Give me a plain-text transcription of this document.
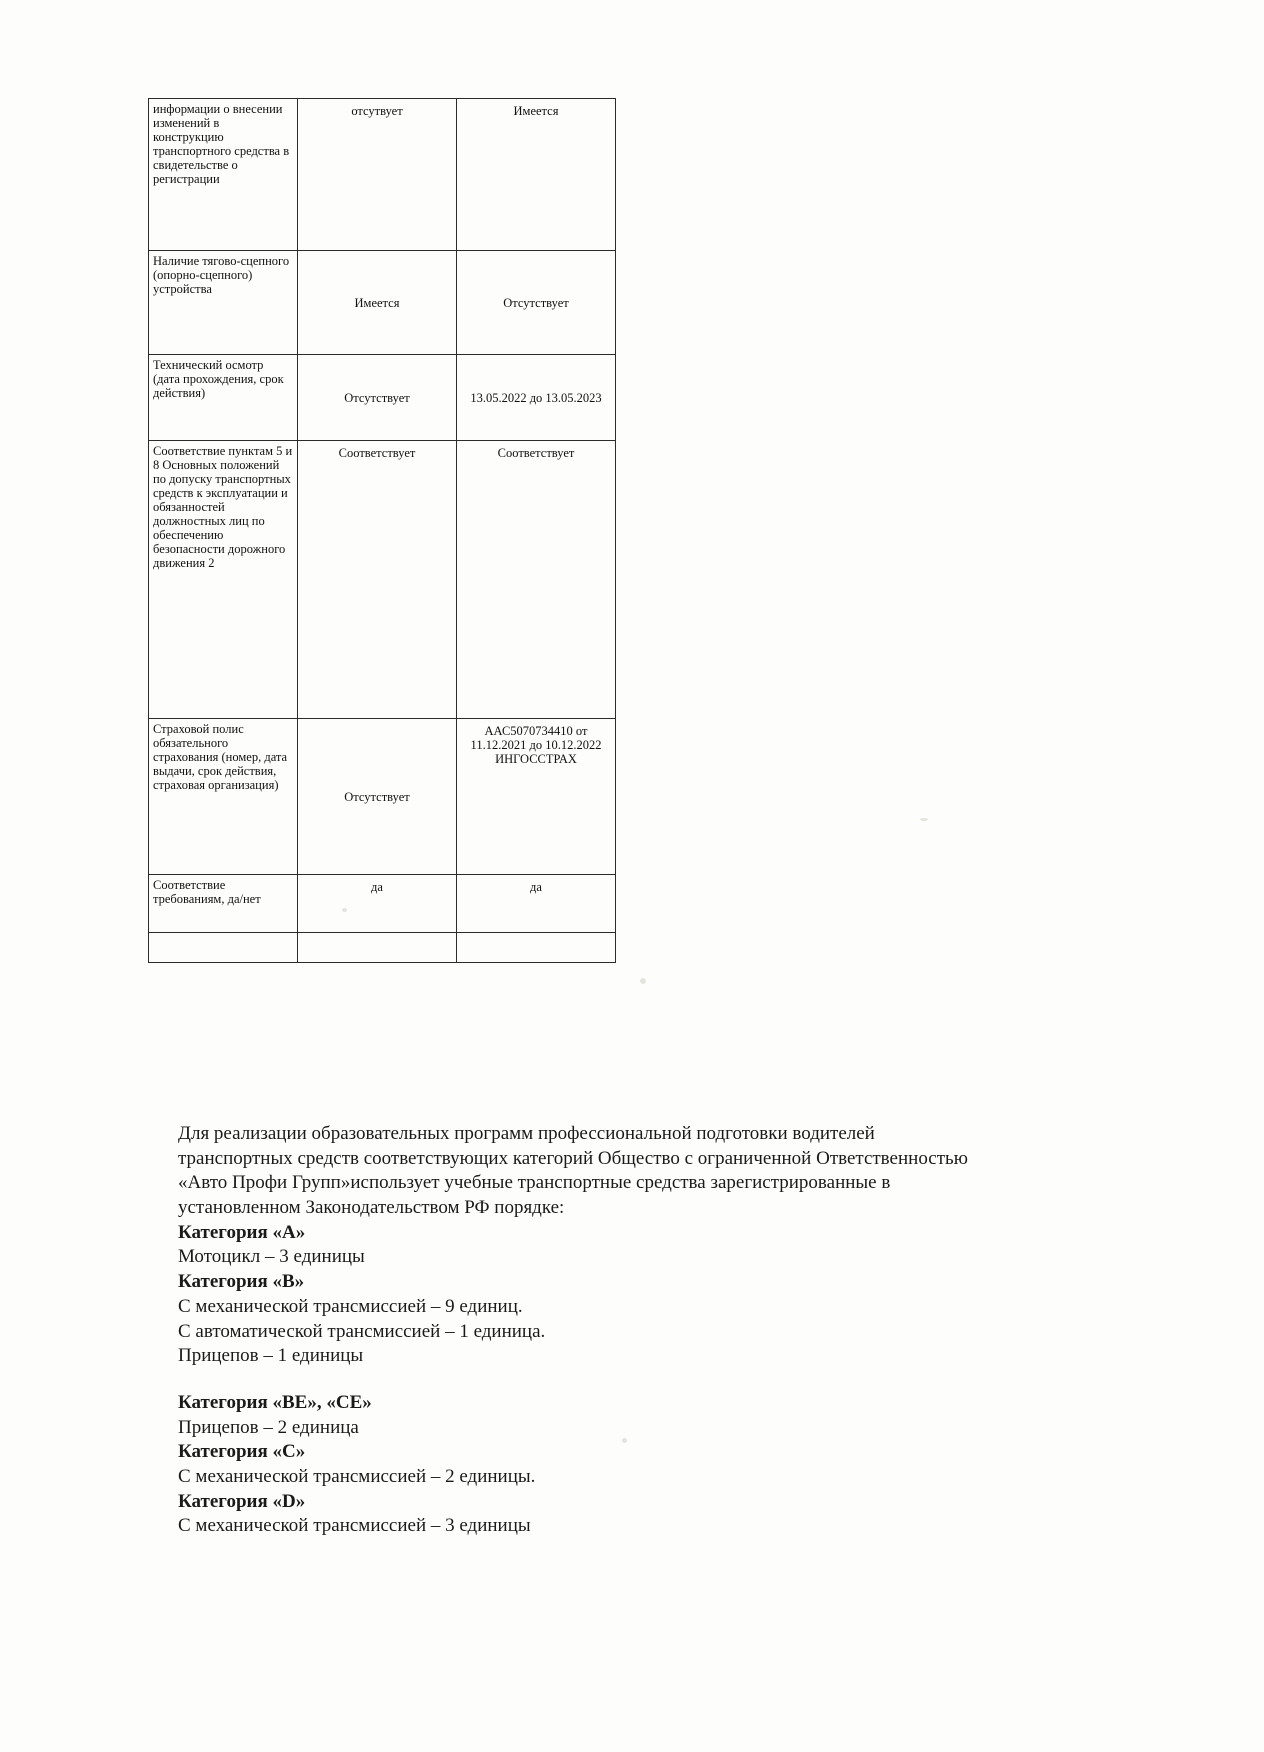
информации о внесении изменений в конструкцию транспортного средства в свидетельстве о регистрации	отсутвует	Имеется
Наличие тягово-сцепного (опорно-сцепного) устройства	Имеется	Отсутствует
Технический осмотр (дата прохождения, срок действия)	Отсутствует	13.05.2022 до 13.05.2023
Соответствие пунктам 5 и 8 Основных положений по допуску транспортных средств к эксплуатации и обязанностей должностных лиц по обеспечению безопасности дорожного движения 2	Соответствует	Соответствует
Страховой полис обязательного страхования (номер, дата выдачи, срок действия, страховая организация)	Отсутствует	ААС5070734410 от 11.12.2021 до 10.12.2022 ИНГОССТРАХ
Соответствие требованиям, да/нет	да	да

Для реализации образовательных программ профессиональной подготовки водителей

транспортных средств соответствующих категорий Общество с ограниченной Ответственностью

«Авто Профи Групп»использует учебные транспортные средства зарегистрированные в

установленном Законодательством РФ порядке:

Категория «А»

Мотоцикл – 3 единицы

Категория «В»

С механической трансмиссией – 9 единиц.

С автоматической трансмиссией – 1 единица.

Прицепов – 1 единицы

Категория «ВЕ», «СЕ»

Прицепов – 2 единица

Категория «С»

С механической трансмиссией – 2 единицы.

Категория «D»

С механической трансмиссией – 3 единицы
